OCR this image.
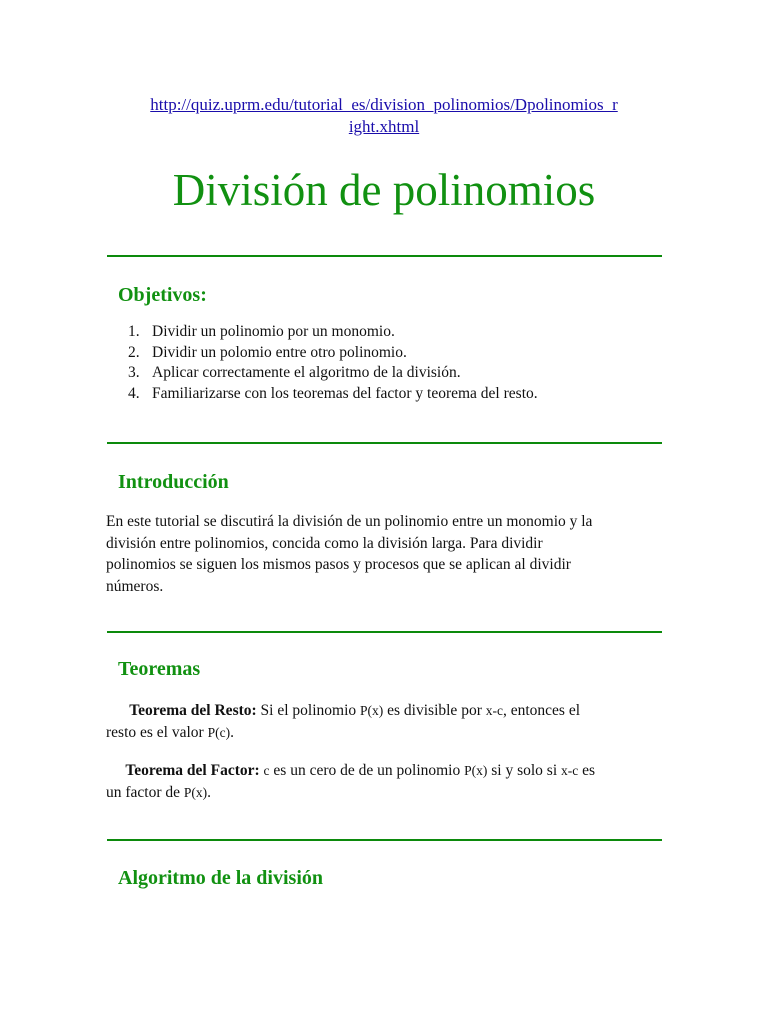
http://quiz.uprm.edu/tutorial_es/division_polinomios/Dpolinomios_r
ight.xhtml
División de polinomios
Objetivos:
1. Dividir un polinomio por un monomio.
2. Dividir un polomio entre otro polinomio.
3. Aplicar correctamente el algoritmo de la división.
4. Familiarizarse con los teoremas del factor y teorema del resto.
Introducción

En este tutorial se discutirá la división de un polinomio entre un monomio y la
división entre polinomios, concida como la división larga. Para dividir
polinomios se siguen los mismos pasos y procesos que se aplican al dividir
números.

Teoremas

Teorema del Resto: Si el polinomio P(x) es divisible por x-c, entonces el
resto es el valor P(c).

Teorema del Factor: c es un cero de de un polinomio P(x) si y solo si x-c es
un factor de P(x).

Algoritmo de la división
